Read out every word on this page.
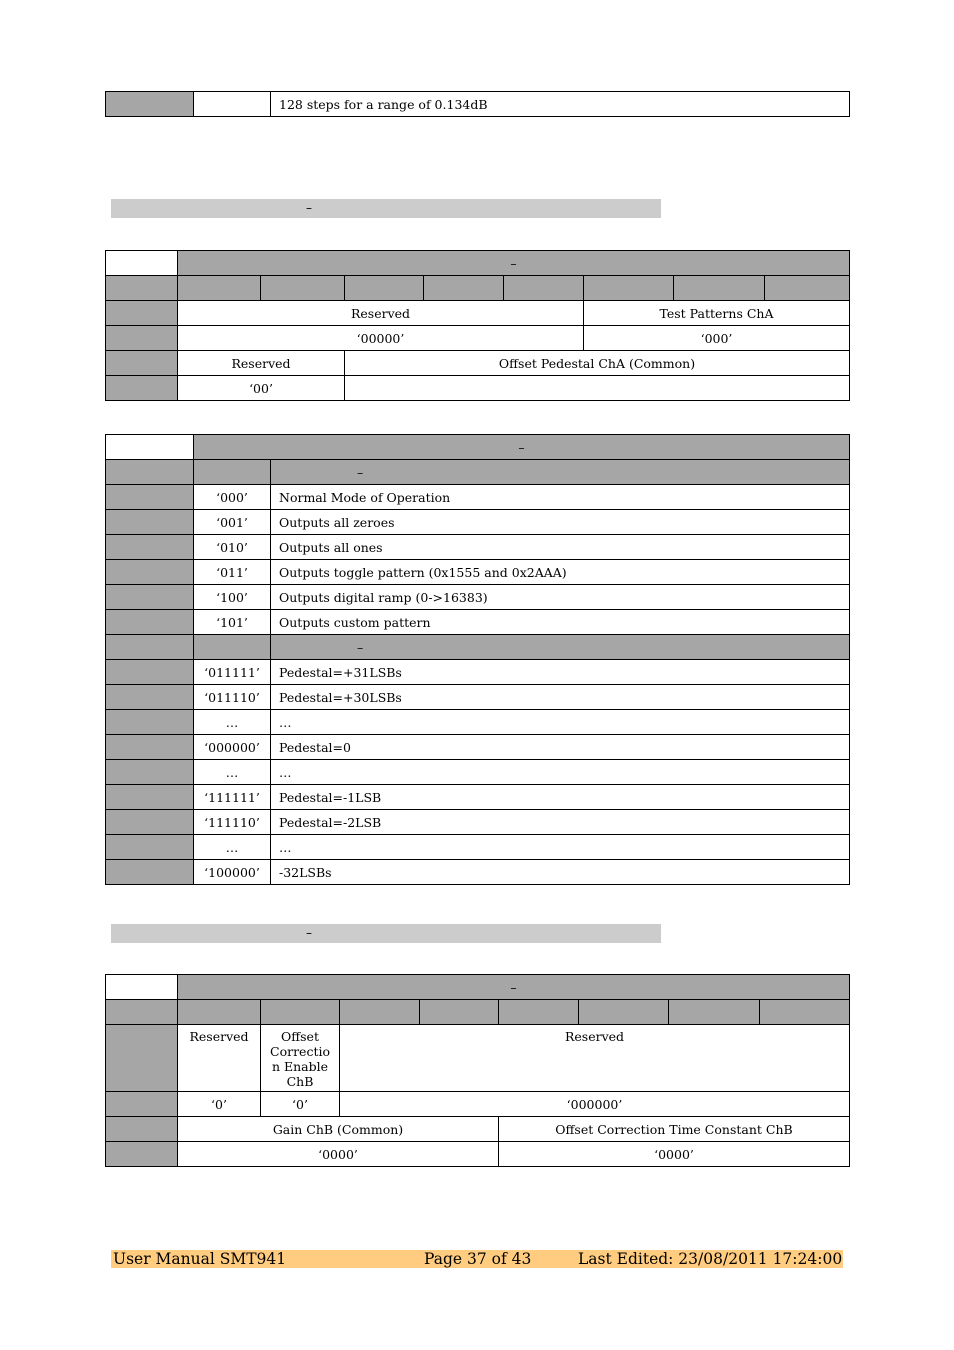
		128 steps for a range of 0.134dB
–
	–							

	Reserved					Test Patterns ChA		
	‘00000’					‘000’		
	Reserved		Offset Pedestal ChA (Common)					
	‘00’							
	–	
		–
	‘000’	Normal Mode of Operation
	‘001’	Outputs all zeroes
	‘010’	Outputs all ones
	‘011’	Outputs toggle pattern (0x1555 and 0x2AAA)
	‘100’	Outputs digital ramp (0->16383)
	‘101’	Outputs custom pattern
		–
	‘011111’	Pedestal=+31LSBs
	‘011110’	Pedestal=+30LSBs
	…	…
	‘000000’	Pedestal=0
	…	…
	‘111111’	Pedestal=-1LSB
	‘111110’	Pedestal=-2LSB
	…	…
	‘100000’	-32LSBs
–
	–							

	Reserved	Offset Correctio n Enable ChB	Reserved					
	‘0’	‘0’	‘000000’					
	Gain ChB (Common)				Offset Correction Time Constant ChB			
	‘0000’				‘0000’			
User Manual SMT941	Page 37 of 43	Last Edited: 23/08/2011 17:24:00
